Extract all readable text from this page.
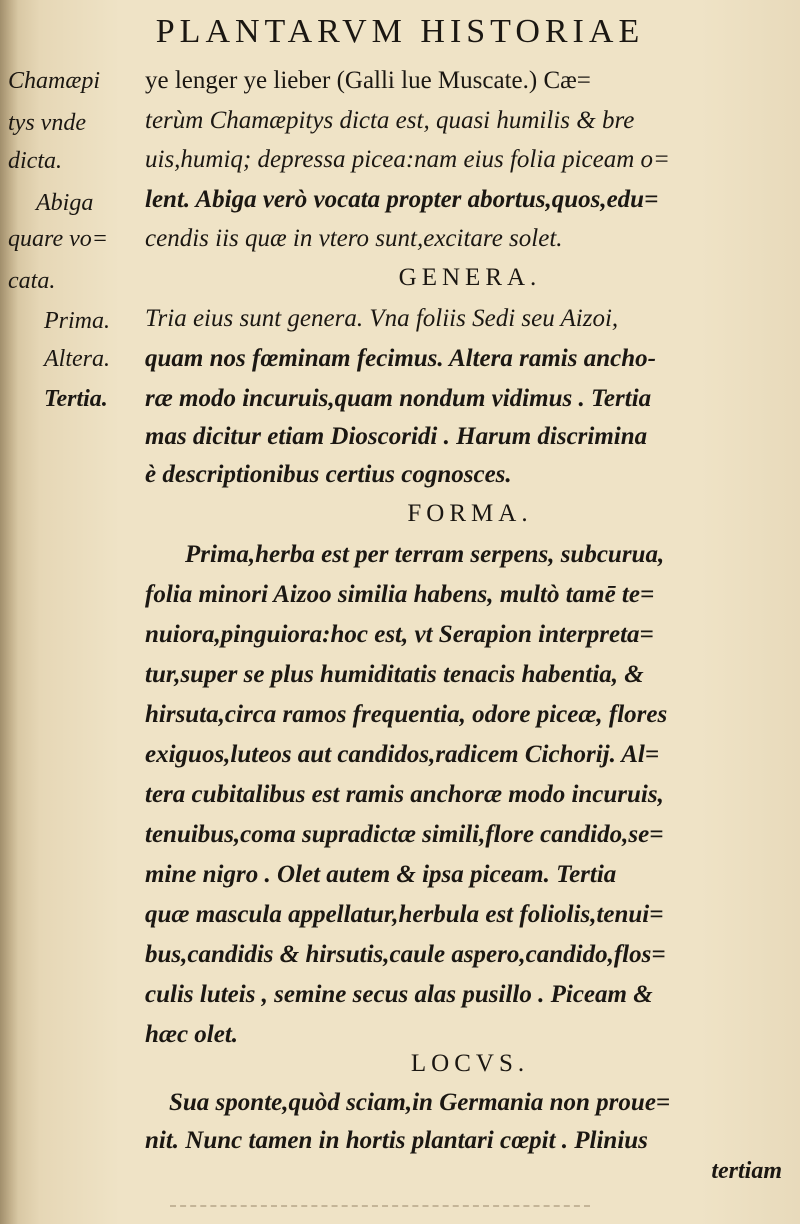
PLANTARVM HISTORIAE
Chamæpi
tys vnde
dicta.
Abiga
quare vo=
cata.
Prima.
Altera.
Tertia.
ye lenger ye lieber (Galli lue Muscate.) Cæ=
terùm Chamæpitys dicta est, quasi humilis & bre
uis,humiq; depressa picea:nam eius folia piceam o=
lent. Abiga verò vocata propter abortus,quos,edu=
cendis iis quæ in vtero sunt,excitare solet.
GENERA.
Tria eius sunt genera. Vna foliis Sedi seu Aizoi,
quam nos fœminam fecimus. Altera ramis ancho-
ræ modo incuruis,quam nondum vidimus . Tertia
mas dicitur etiam Dioscoridi . Harum discrimina
è descriptionibus certius cognosces.
FORMA.
Prima,herba est per terram serpens, subcurua,
folia minori Aizoo similia habens, multò tamē te=
nuiora,pinguiora:hoc est, vt Serapion interpreta=
tur,super se plus humiditatis tenacis habentia, &
hirsuta,circa ramos frequentia, odore piceæ, flores
exiguos,luteos aut candidos,radicem Cichorij. Al=
tera cubitalibus est ramis anchoræ modo incuruis,
tenuibus,coma supradictæ simili,flore candido,se=
mine nigro . Olet autem & ipsa piceam. Tertia
quæ mascula appellatur,herbula est foliolis,tenui=
bus,candidis & hirsutis,caule aspero,candido,flos=
culis luteis , semine secus alas pusillo . Piceam &
hæc olet.
LOCVS.
Sua sponte,quòd sciam,in Germania non proue=
nit. Nunc tamen in hortis plantari cœpit . Plinius
tertiam
